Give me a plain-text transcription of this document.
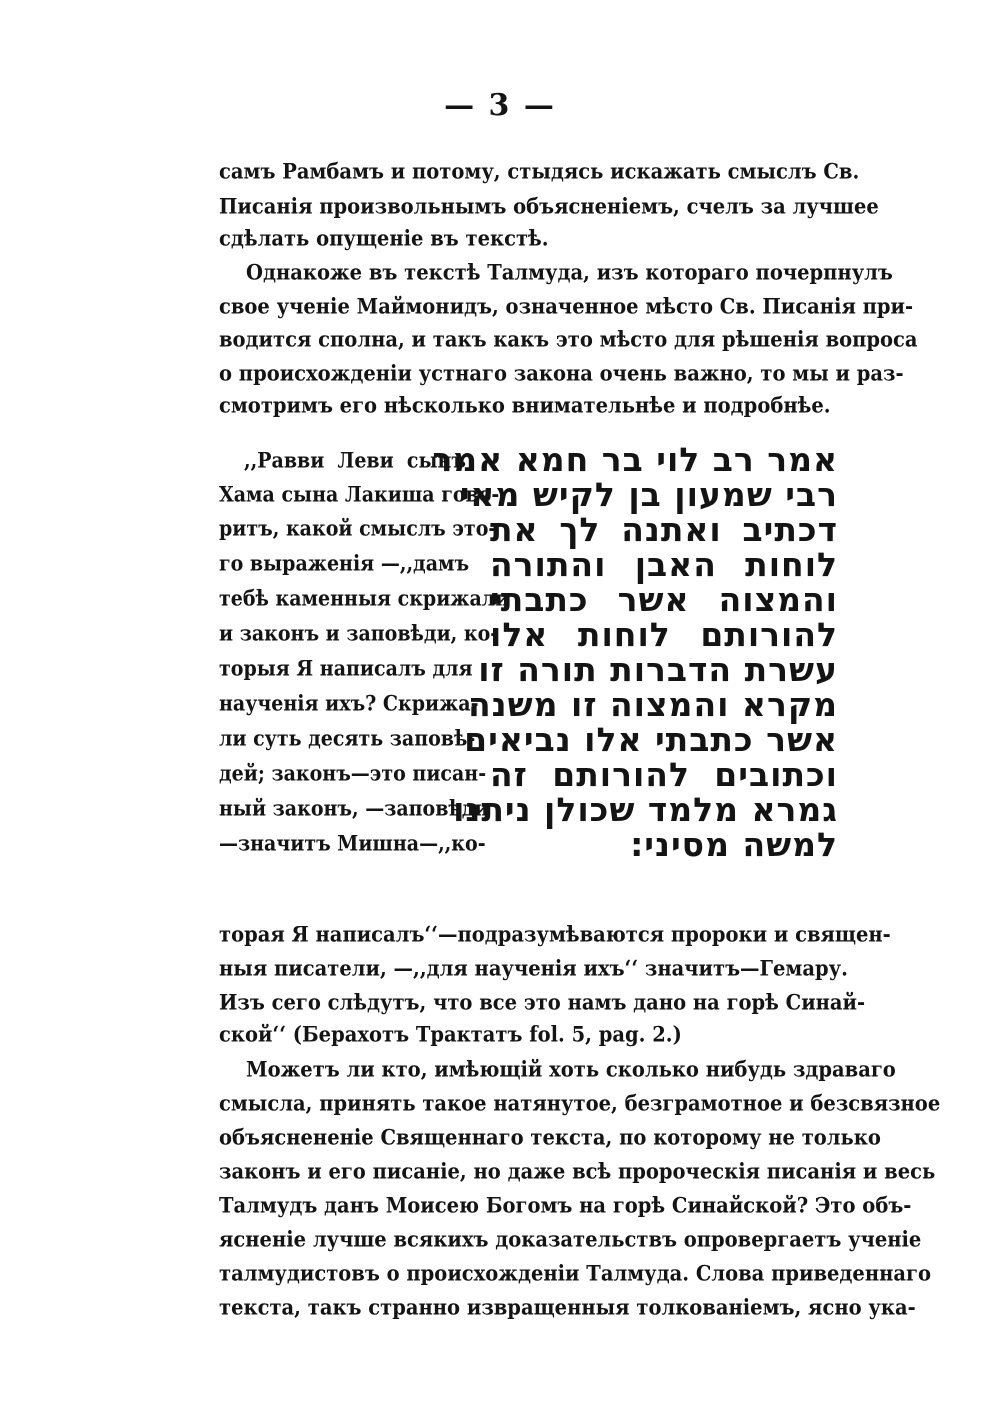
— 3 —
самъ Рамбамъ и потому, стыдясь искажать смыслъ Св.
Писанія произвольнымъ объясненіемъ, счелъ за лучшее
сдѣлать опущеніе въ текстѣ.
Однакоже въ текстѣ Талмуда, изъ котораго почерпнулъ
свое ученіе Маймонидъ, означенное мѣсто Св. Писанія при-
водится сполна, и такъ какъ это мѣсто для рѣшенія вопроса
о происхожденіи устнаго закона очень важно, то мы и раз-
смотримъ его нѣсколько внимательнѣе и подробнѣе.
,,Равви Леви сынъ
Хама сына Лакиша гово-
ритъ, какой смыслъ это-
го выраженія —,,дамъ
тебѣ каменныя скрижали
и законъ и заповѣди, ко-
торыя Я написалъ для
наученія ихъ? Скрижа-
ли суть десять заповѣ-
дей; законъ—это писан-
ный законъ, —заповѣди
—значитъ Мишна—,,ко-
אמר רב לוי בר חמא אמר
רבי שמעון בן לקיש מאי
דכתיב ואתנה לך את
לוחות האבן והתורה
והמצוה אשר כתבתי
להורותם לוחות אלו
עשרת הדברות תורה זו
מקרא והמצוה זו משנה
אשר כתבתי אלו נביאים
וכתובים להורותם זה
גמרא מלמד שכולן ניתנו
למשה מסיני:
торая Я написалъ‘‘—подразумѣваются пророки и священ-
ныя писатели, —,,для наученія ихъ‘‘ значитъ—Гемару.
Изъ сего слѣдутъ, что все это намъ дано на горѣ Синай-
ской‘‘ (Берахотъ Трактатъ fol. 5, pag. 2.)
Можетъ ли кто, имѣющій хоть сколько нибудь здраваго
смысла, принять такое натянутое, безграмотное и безсвязное
объяснененіе Священнаго текста, по которому не только
законъ и его писаніе, но даже всѣ пророческія писанія и весь
Талмудъ данъ Моисею Богомъ на горѣ Синайской? Это объ-
ясненіе лучше всякихъ доказательствъ опровергаетъ ученіе
талмудистовъ о происхожденіи Талмуда. Слова приведеннаго
текста, такъ странно извращенныя толкованіемъ, ясно ука-
